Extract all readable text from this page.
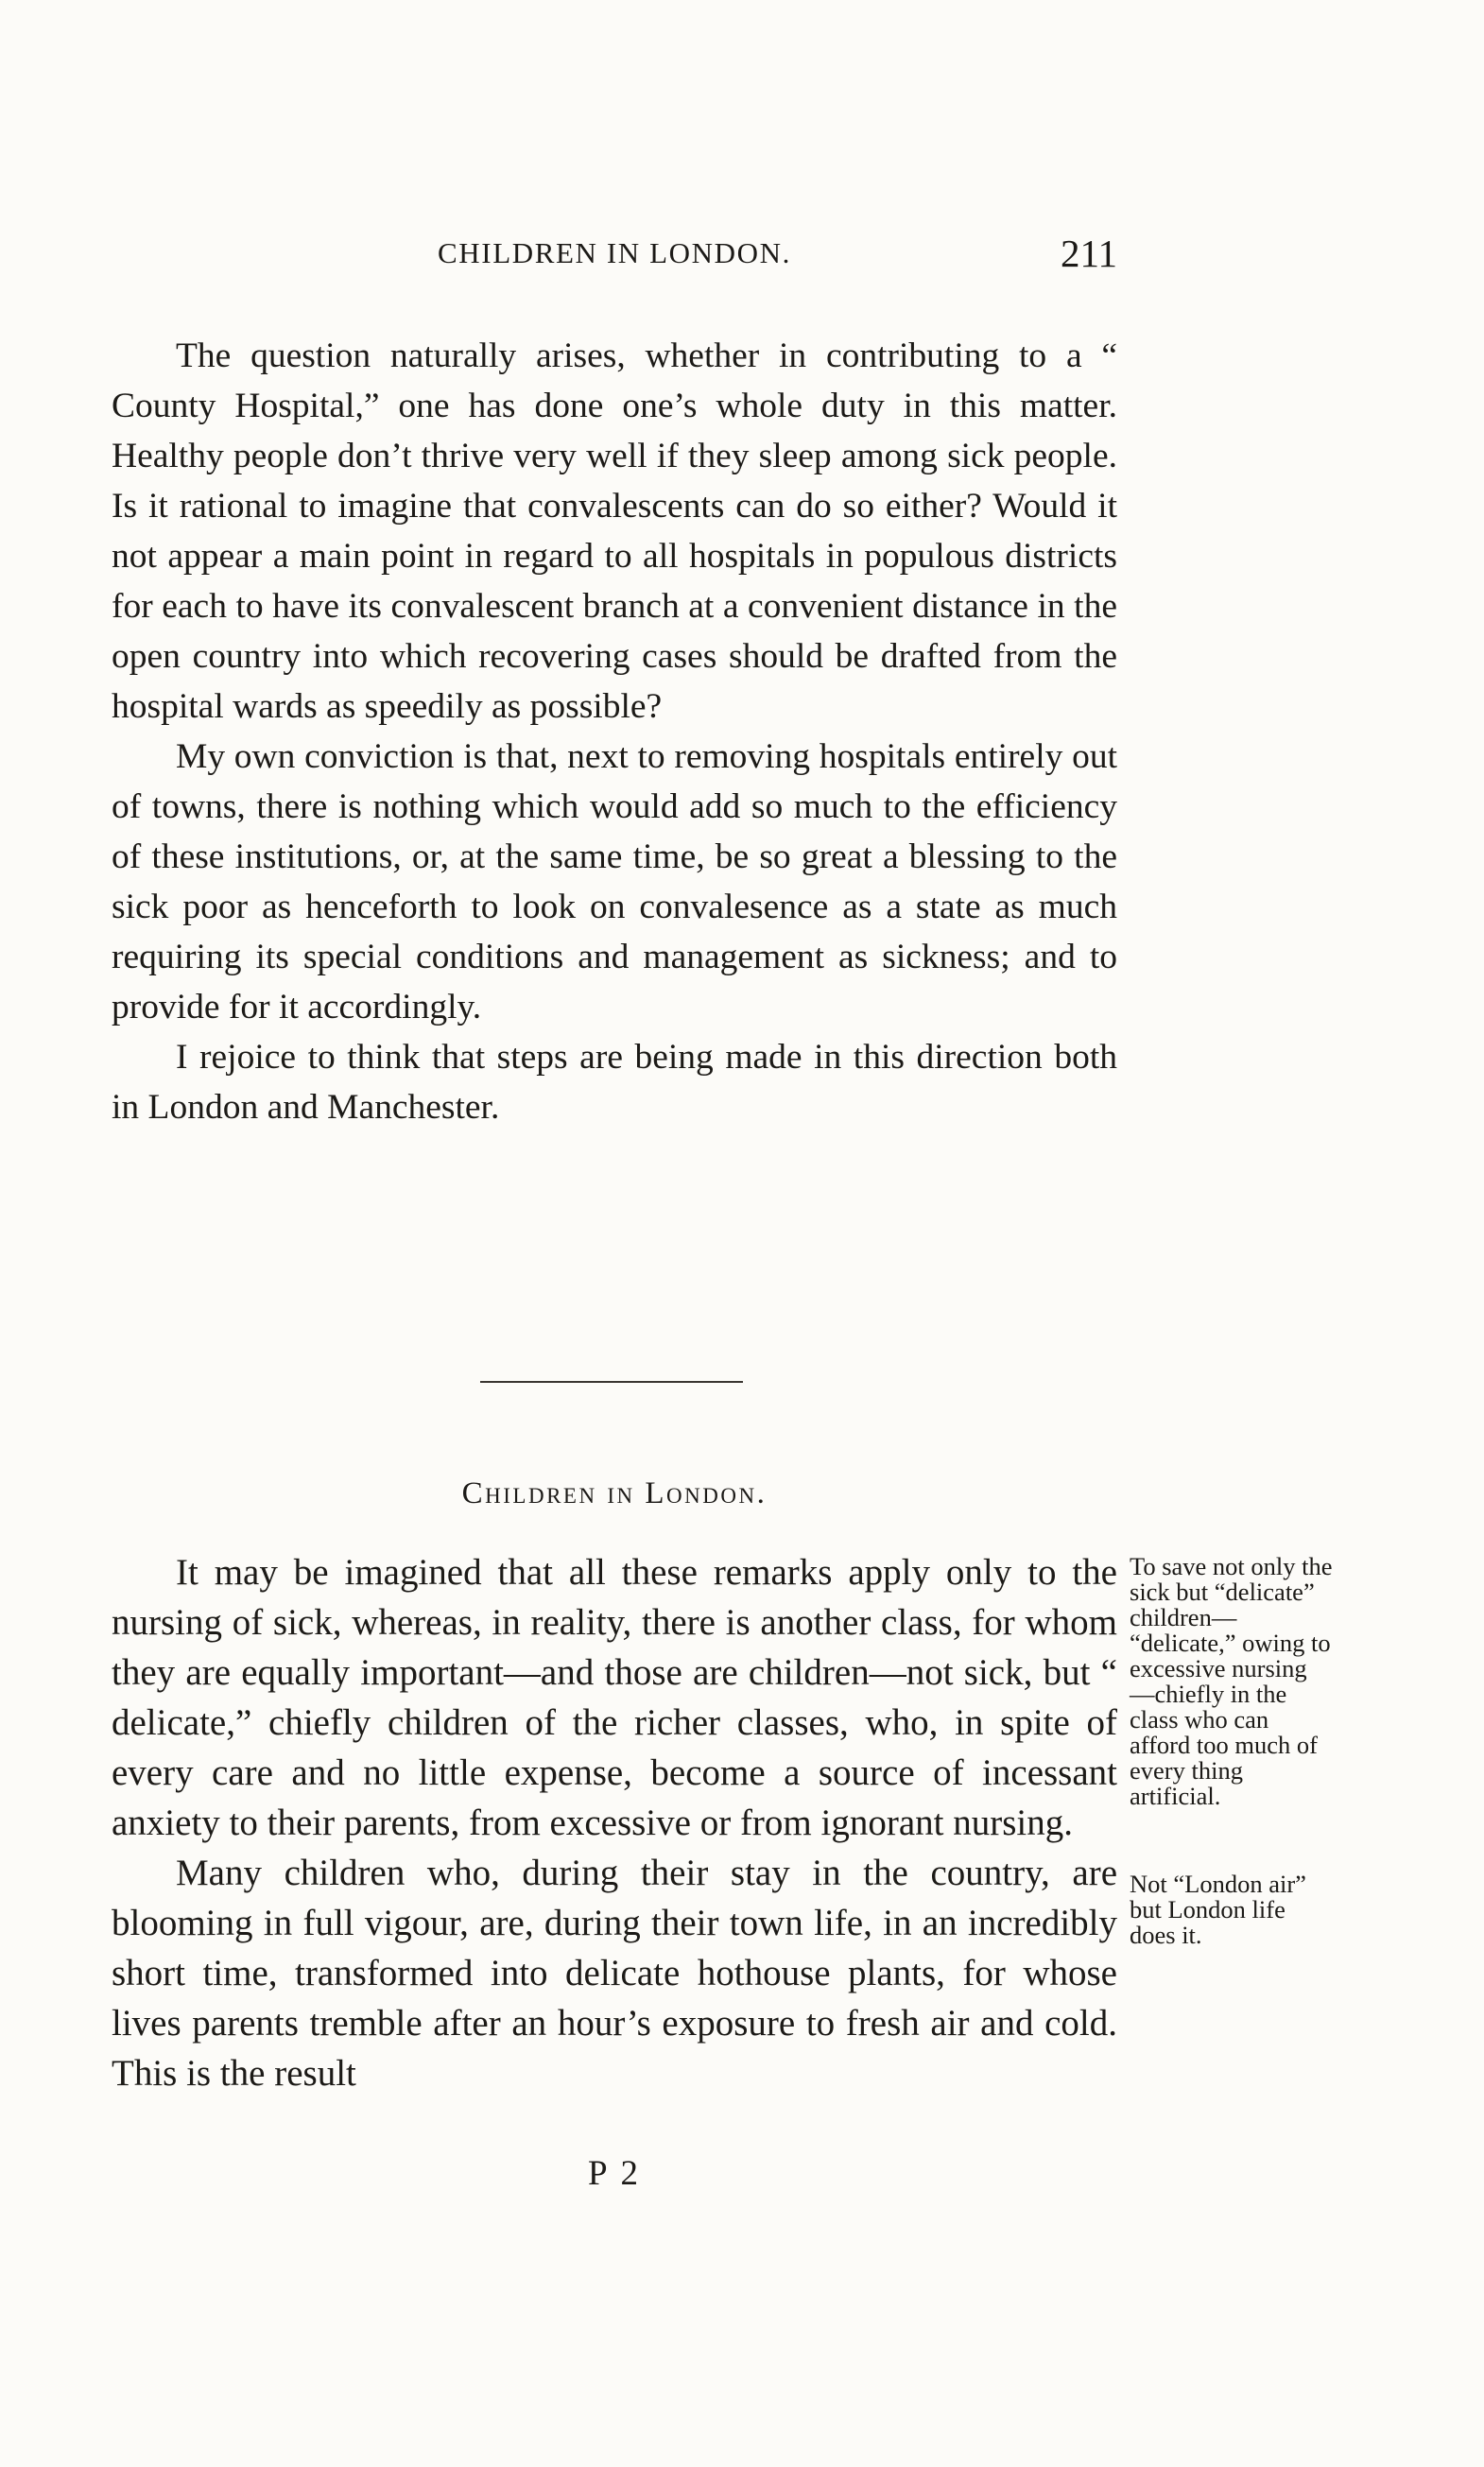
CHILDREN IN LONDON.	211

The question naturally arises, whether in contributing to a “ County Hospital,” one has done one’s whole duty in this matter. Healthy people don’t thrive very well if they sleep among sick people. Is it rational to imagine that convalescents can do so either? Would it not appear a main point in regard to all hospitals in populous districts for each to have its convalescent branch at a convenient distance in the open country into which recovering cases should be drafted from the hospital wards as speedily as possible?

My own conviction is that, next to removing hospitals entirely out of towns, there is nothing which would add so much to the efficiency of these institutions, or, at the same time, be so great a blessing to the sick poor as henceforth to look on convalesence as a state as much requiring its special conditions and management as sickness; and to provide for it accordingly.

I rejoice to think that steps are being made in this direction both in London and Manchester.

Children in London.

It may be imagined that all these remarks apply only to the nursing of sick, whereas, in reality, there is another class, for whom they are equally important—and those are children—not sick, but “ delicate,” chiefly children of the richer classes, who, in spite of every care and no little expense, become a source of incessant anxiety to their parents, from excessive or from ignorant nursing.

Many children who, during their stay in the country, are blooming in full vigour, are, during their town life, in an incredibly short time, transformed into delicate hothouse plants, for whose lives parents tremble after an hour’s exposure to fresh air and cold. This is the result

To save not only the sick but “delicate” children— “delicate,” owing to excessive nursing —chiefly in the class who can afford too much of every thing artificial.

Not “London air” but London life does it.

P 2
